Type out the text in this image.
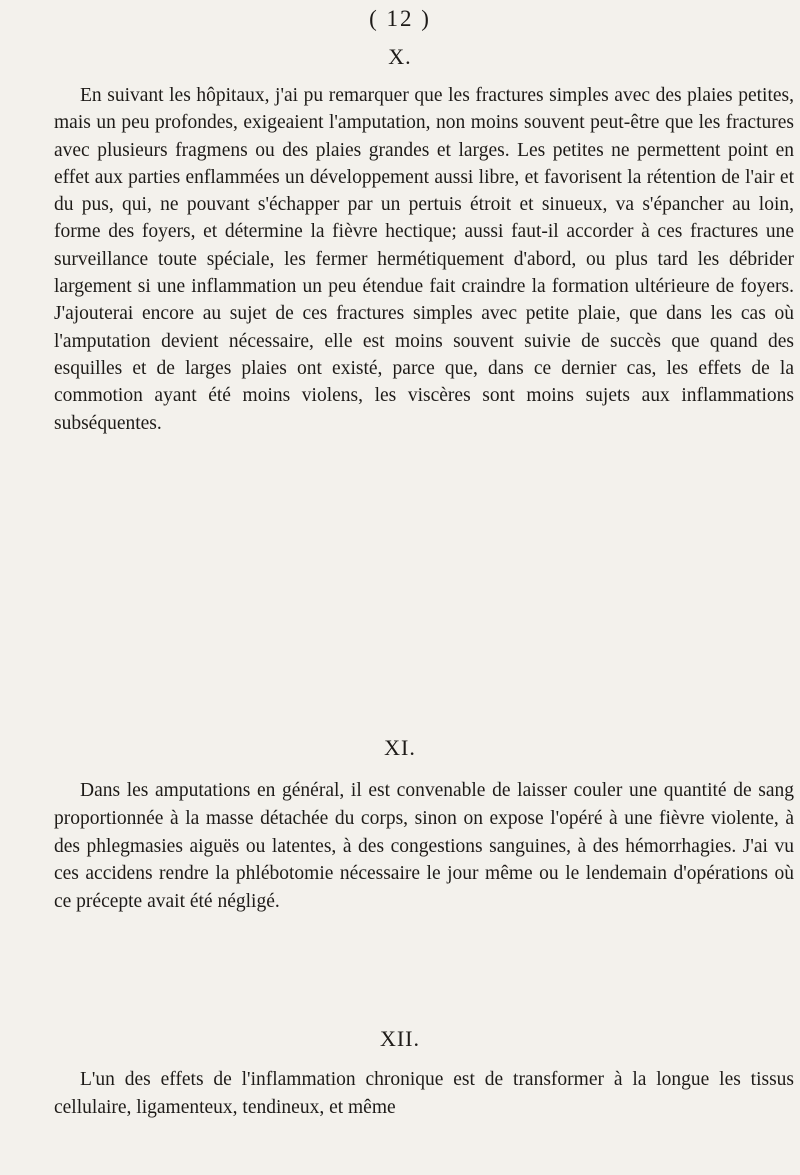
( 12 )
X.
En suivant les hôpitaux, j'ai pu remarquer que les fractures simples avec des plaies petites, mais un peu profondes, exigeaient l'amputation, non moins souvent peut-être que les fractures avec plusieurs fragmens ou des plaies grandes et larges. Les petites ne permettent point en effet aux parties enflammées un développement aussi libre, et favorisent la rétention de l'air et du pus, qui, ne pouvant s'échapper par un pertuis étroit et sinueux, va s'épancher au loin, forme des foyers, et détermine la fièvre hectique; aussi faut-il accorder à ces fractures une surveillance toute spéciale, les fermer hermétiquement d'abord, ou plus tard les débrider largement si une inflammation un peu étendue fait craindre la formation ultérieure de foyers. J'ajouterai encore au sujet de ces fractures simples avec petite plaie, que dans les cas où l'amputation devient nécessaire, elle est moins souvent suivie de succès que quand des esquilles et de larges plaies ont existé, parce que, dans ce dernier cas, les effets de la commotion ayant été moins violens, les viscères sont moins sujets aux inflammations subséquentes.
XI.
Dans les amputations en général, il est convenable de laisser couler une quantité de sang proportionnée à la masse détachée du corps, sinon on expose l'opéré à une fièvre violente, à des phlegmasies aiguës ou latentes, à des congestions sanguines, à des hémorrhagies. J'ai vu ces accidens rendre la phlébotomie nécessaire le jour même ou le lendemain d'opérations où ce précepte avait été négligé.
XII.
L'un des effets de l'inflammation chronique est de transformer à la longue les tissus cellulaire, ligamenteux, tendineux, et même
